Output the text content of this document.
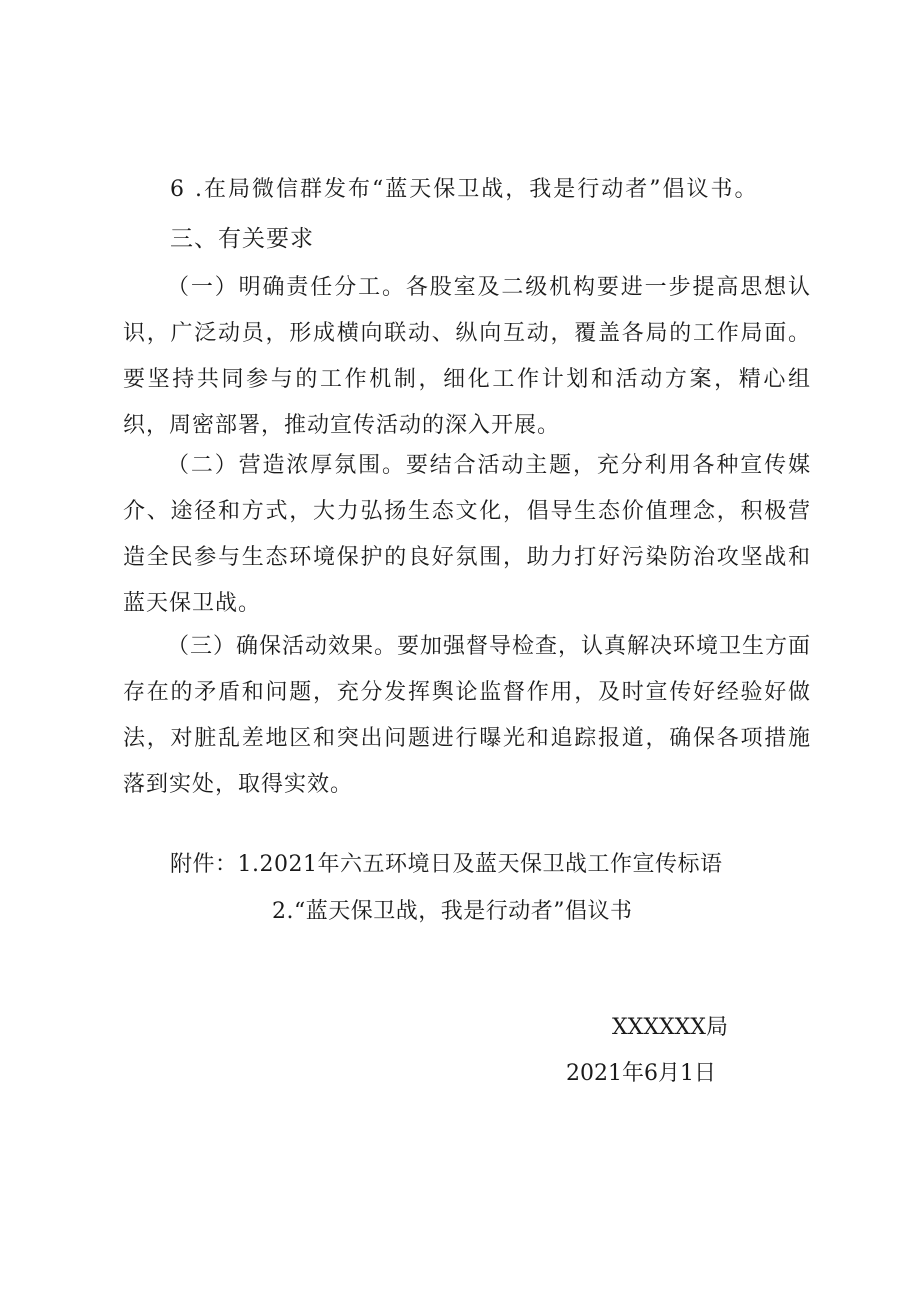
6 .在局微信群发布“蓝天保卫战，我是行动者”倡议书。
三、有关要求
（一）明确责任分工。各股室及二级机构要进一步提高思想认识，广泛动员，形成横向联动、纵向互动，覆盖各局的工作局面。要坚持共同参与的工作机制，细化工作计划和活动方案，精心组织，周密部署，推动宣传活动的深入开展。
（二）营造浓厚氛围。要结合活动主题，充分利用各种宣传媒介、途径和方式，大力弘扬生态文化，倡导生态价值理念，积极营造全民参与生态环境保护的良好氛围，助力打好污染防治攻坚战和蓝天保卫战。
（三）确保活动效果。要加强督导检查，认真解决环境卫生方面存在的矛盾和问题，充分发挥舆论监督作用，及时宣传好经验好做法，对脏乱差地区和突出问题进行曝光和追踪报道，确保各项措施落到实处，取得实效。
附件：1.2021年六五环境日及蓝天保卫战工作宣传标语
2.“蓝天保卫战，我是行动者”倡议书
XXXXXX局
2021年6月1日
